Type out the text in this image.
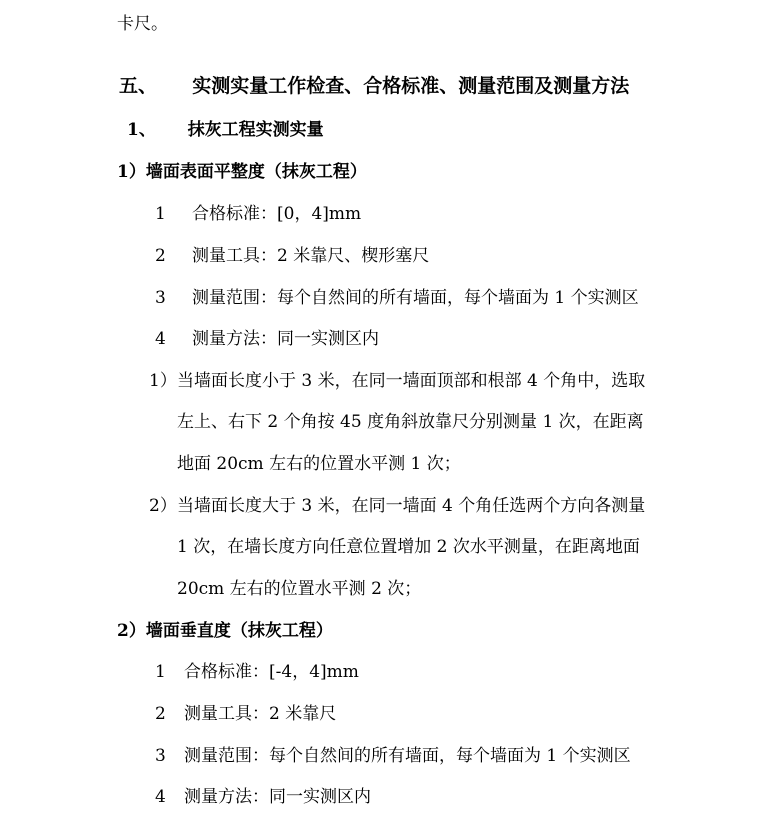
卡尺。
五、 实测实量工作检查、合格标准、测量范围及测量方法
1、 抹灰工程实测实量
1）墙面表面平整度（抹灰工程）
1 合格标准：[0，4]mm
2 测量工具：2 米靠尺、楔形塞尺
3 测量范围：每个自然间的所有墙面，每个墙面为 1 个实测区
4 测量方法：同一实测区内
1）当墙面长度小于 3 米，在同一墙面顶部和根部 4 个角中，选取
左上、右下 2 个角按 45 度角斜放靠尺分别测量 1 次，在距离
地面 20cm 左右的位置水平测 1 次；
2）当墙面长度大于 3 米，在同一墙面 4 个角任选两个方向各测量
1 次，在墙长度方向任意位置增加 2 次水平测量，在距离地面
20cm 左右的位置水平测 2 次；
2）墙面垂直度（抹灰工程）
1 合格标准：[-4，4]mm
2 测量工具：2 米靠尺
3 测量范围：每个自然间的所有墙面，每个墙面为 1 个实测区
4 测量方法：同一实测区内
